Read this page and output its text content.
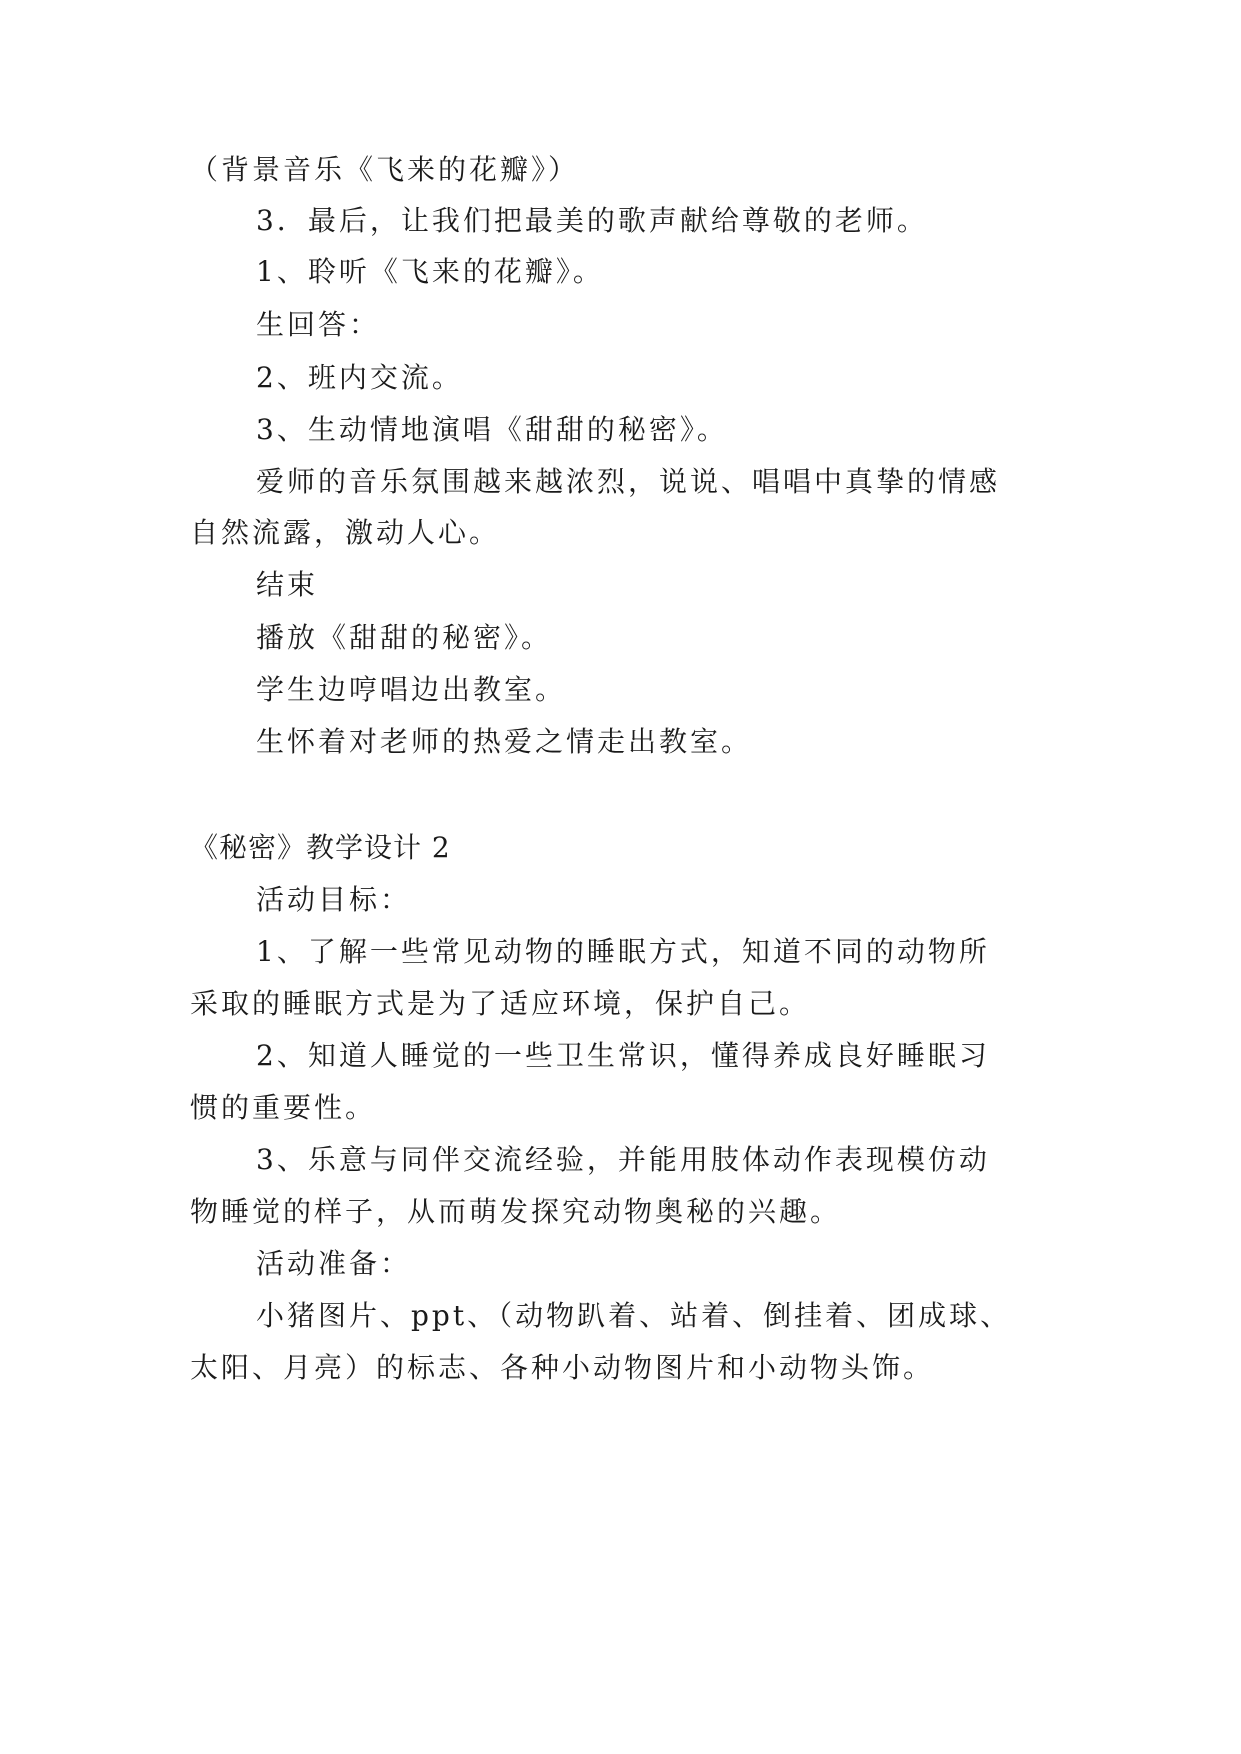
（背景音乐《飞来的花瓣》）
3．最后，让我们把最美的歌声献给尊敬的老师。
1、聆听《飞来的花瓣》。
生回答：
2、班内交流。
3、生动情地演唱《甜甜的秘密》。
爱师的音乐氛围越来越浓烈，说说、唱唱中真挚的情感
自然流露，激动人心。
结束
播放《甜甜的秘密》。
学生边哼唱边出教室。
生怀着对老师的热爱之情走出教室。
《秘密》教学设计 2
活动目标：
1、了解一些常见动物的睡眠方式，知道不同的动物所
采取的睡眠方式是为了适应环境，保护自己。
2、知道人睡觉的一些卫生常识，懂得养成良好睡眠习
惯的重要性。
3、乐意与同伴交流经验，并能用肢体动作表现模仿动
物睡觉的样子，从而萌发探究动物奥秘的兴趣。
活动准备：
小猪图片、ppt、（动物趴着、站着、倒挂着、团成球、
太阳、月亮）的标志、各种小动物图片和小动物头饰。
